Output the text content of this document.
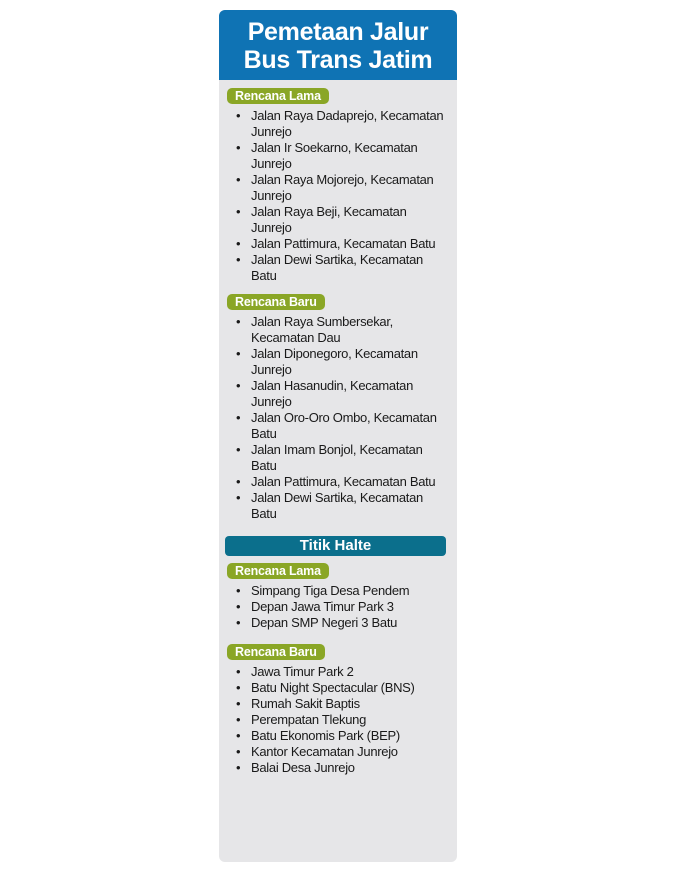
Pemetaan Jalur
Bus Trans Jatim
Rencana Lama
• Jalan Raya Dadaprejo, Kecamatan Junrejo
• Jalan Ir Soekarno, Kecamatan Junrejo
• Jalan Raya Mojorejo, Kecamatan Junrejo
• Jalan Raya Beji, Kecamatan Junrejo
• Jalan Pattimura, Kecamatan Batu
• Jalan Dewi Sartika, Kecamatan Batu
Rencana Baru
• Jalan Raya Sumbersekar, Kecamatan Dau
• Jalan Diponegoro, Kecamatan Junrejo
• Jalan Hasanudin, Kecamatan Junrejo
• Jalan Oro-Oro Ombo, Kecamatan Batu
• Jalan Imam Bonjol, Kecamatan Batu
• Jalan Pattimura, Kecamatan Batu
• Jalan Dewi Sartika, Kecamatan Batu
Titik Halte
Rencana Lama
• Simpang Tiga Desa Pendem
• Depan Jawa Timur Park 3
• Depan SMP Negeri 3 Batu
Rencana Baru
• Jawa Timur Park 2
• Batu Night Spectacular (BNS)
• Rumah Sakit Baptis
• Perempatan Tlekung
• Batu Ekonomis Park (BEP)
• Kantor Kecamatan Junrejo
• Balai Desa Junrejo
